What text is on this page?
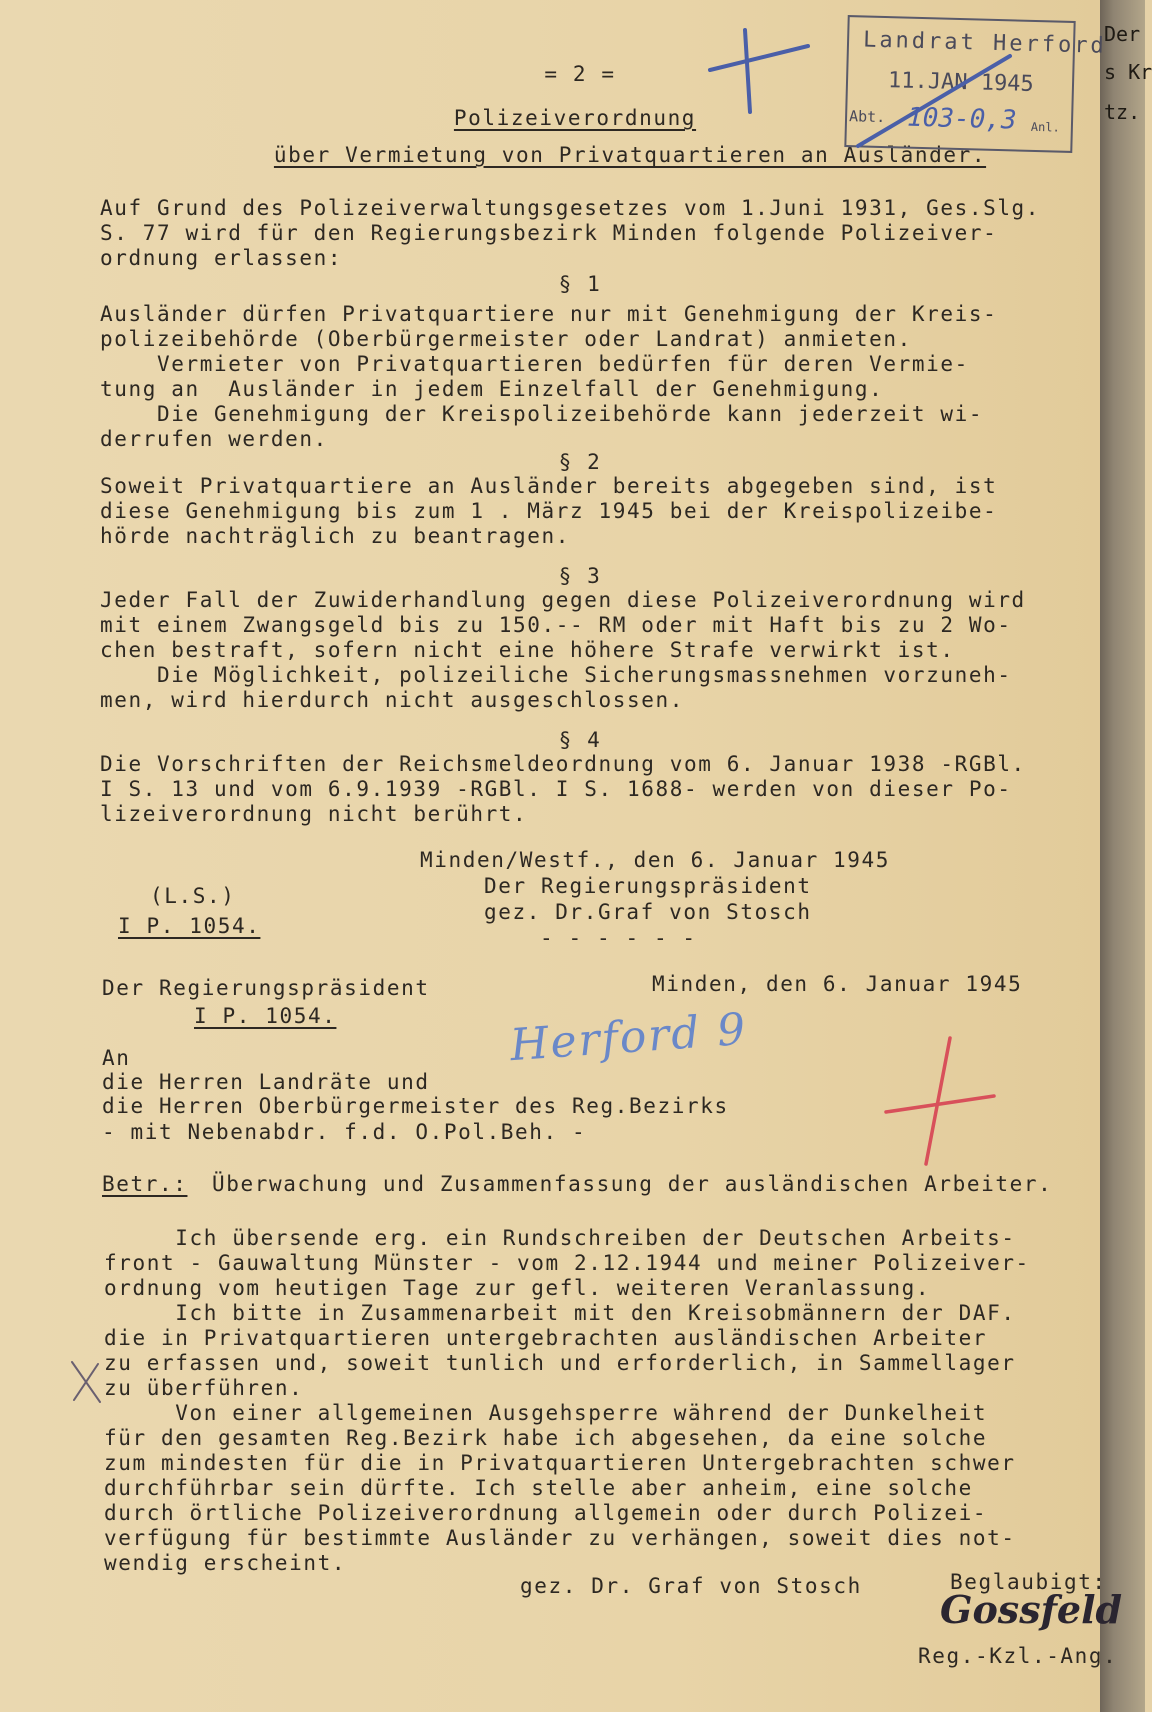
Der
s Kr
tz.
= 2 =
Polizeiverordnung
über Vermietung von Privatquartieren an Ausländer.
Landrat Herford
11.JAN 1945
Abt. 103-0,3 Anl.
Auf Grund des Polizeiverwaltungsgesetzes vom 1.Juni 1931, Ges.Slg.
S. 77 wird für den Regierungsbezirk Minden folgende Polizeiver-
ordnung erlassen:
§ 1
Ausländer dürfen Privatquartiere nur mit Genehmigung der Kreis-
polizeibehörde (Oberbürgermeister oder Landrat) anmieten.
Vermieter von Privatquartieren bedürfen für deren Vermie-
tung an  Ausländer in jedem Einzelfall der Genehmigung.
Die Genehmigung der Kreispolizeibehörde kann jederzeit wi-
derrufen werden.
§ 2
Soweit Privatquartiere an Ausländer bereits abgegeben sind, ist
diese Genehmigung bis zum 1 . März 1945 bei der Kreispolizeibe-
hörde nachträglich zu beantragen.
§ 3
Jeder Fall der Zuwiderhandlung gegen diese Polizeiverordnung wird
mit einem Zwangsgeld bis zu 150.-- RM oder mit Haft bis zu 2 Wo-
chen bestraft, sofern nicht eine höhere Strafe verwirkt ist.
Die Möglichkeit, polizeiliche Sicherungsmassnehmen vorzuneh-
men, wird hierdurch nicht ausgeschlossen.
§ 4
Die Vorschriften der Reichsmeldeordnung vom 6. Januar 1938 -RGBl.
I S. 13 und vom 6.9.1939 -RGBl. I S. 1688- werden von dieser Po-
lizeiverordnung nicht berührt.
Minden/Westf., den 6. Januar 1945
Der Regierungspräsident
gez. Dr.Graf von Stosch
- - - - - -
(L.S.)
I P. 1054.
Der Regierungspräsident
I P. 1054.
Minden, den 6. Januar 1945
An
die Herren Landräte und
die Herren Oberbürgermeister des Reg.Bezirks
- mit Nebenabdr. f.d. O.Pol.Beh. -
Herford 9
Betr.: Überwachung und Zusammenfassung der ausländischen Arbeiter.
Ich übersende erg. ein Rundschreiben der Deutschen Arbeits-
front - Gauwaltung Münster - vom 2.12.1944 und meiner Polizeiver-
ordnung vom heutigen Tage zur gefl. weiteren Veranlassung.
Ich bitte in Zusammenarbeit mit den Kreisobmännern der DAF.
die in Privatquartieren untergebrachten ausländischen Arbeiter
zu erfassen und, soweit tunlich und erforderlich, in Sammellager
zu überführen.
Von einer allgemeinen Ausgehsperre während der Dunkelheit
für den gesamten Reg.Bezirk habe ich abgesehen, da eine solche
zum mindesten für die in Privatquartieren Untergebrachten schwer
durchführbar sein dürfte. Ich stelle aber anheim, eine solche
durch örtliche Polizeiverordnung allgemein oder durch Polizei-
verfügung für bestimmte Ausländer zu verhängen, soweit dies not-
wendig erscheint.
gez. Dr. Graf von Stosch	Beglaubigt:
Gossfeld
Reg.-Kzl.-Ang.
